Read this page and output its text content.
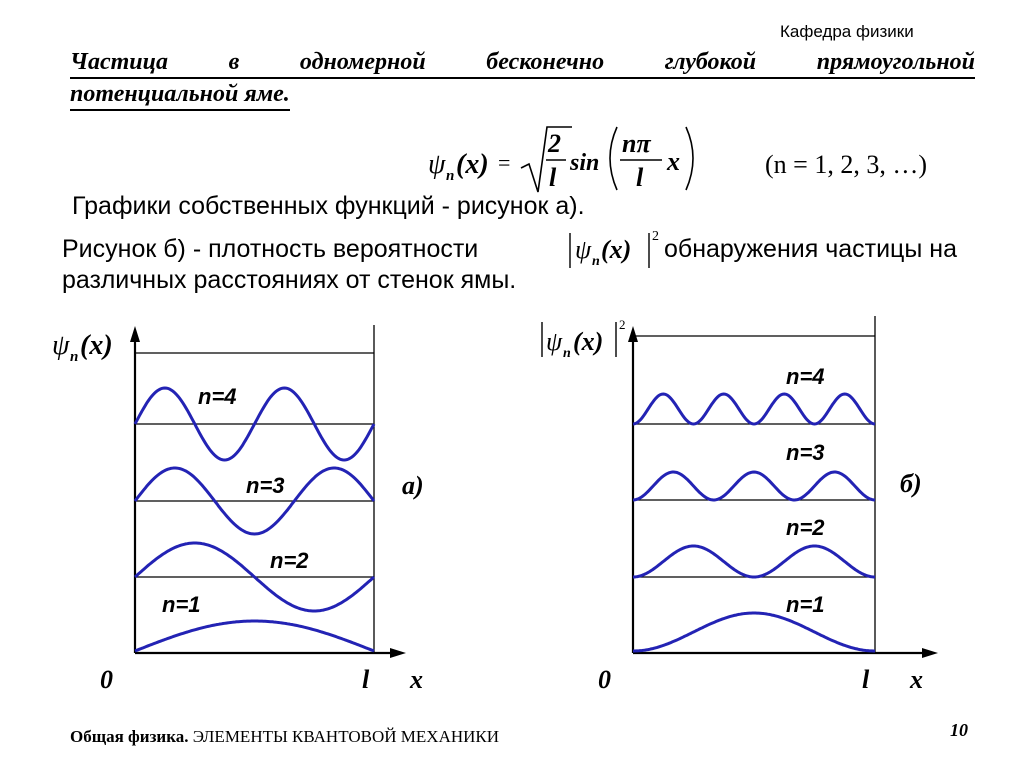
Кафедра физики
Частица в одномерной бесконечно глубокой прямоугольной
потенциальной яме.
ψ n (x) =
2
l sin
nπ
l
x
ψ n (x) 2
ψ n (x)
0	l x
а)
n=1
n=2
n=3
n=4
ψ n (x)
2
0	l x
б)
n=1
n=2
n=3
n=4
(n = 1, 2, 3, …)
Графики собственных функций - рисунок а).
Рисунок б) - плотность вероятности	обнаружения частицы на
различных расстояниях от стенок ямы.
Общая физика. ЭЛЕМЕНТЫ КВАНТОВОЙ МЕХАНИКИ	10
